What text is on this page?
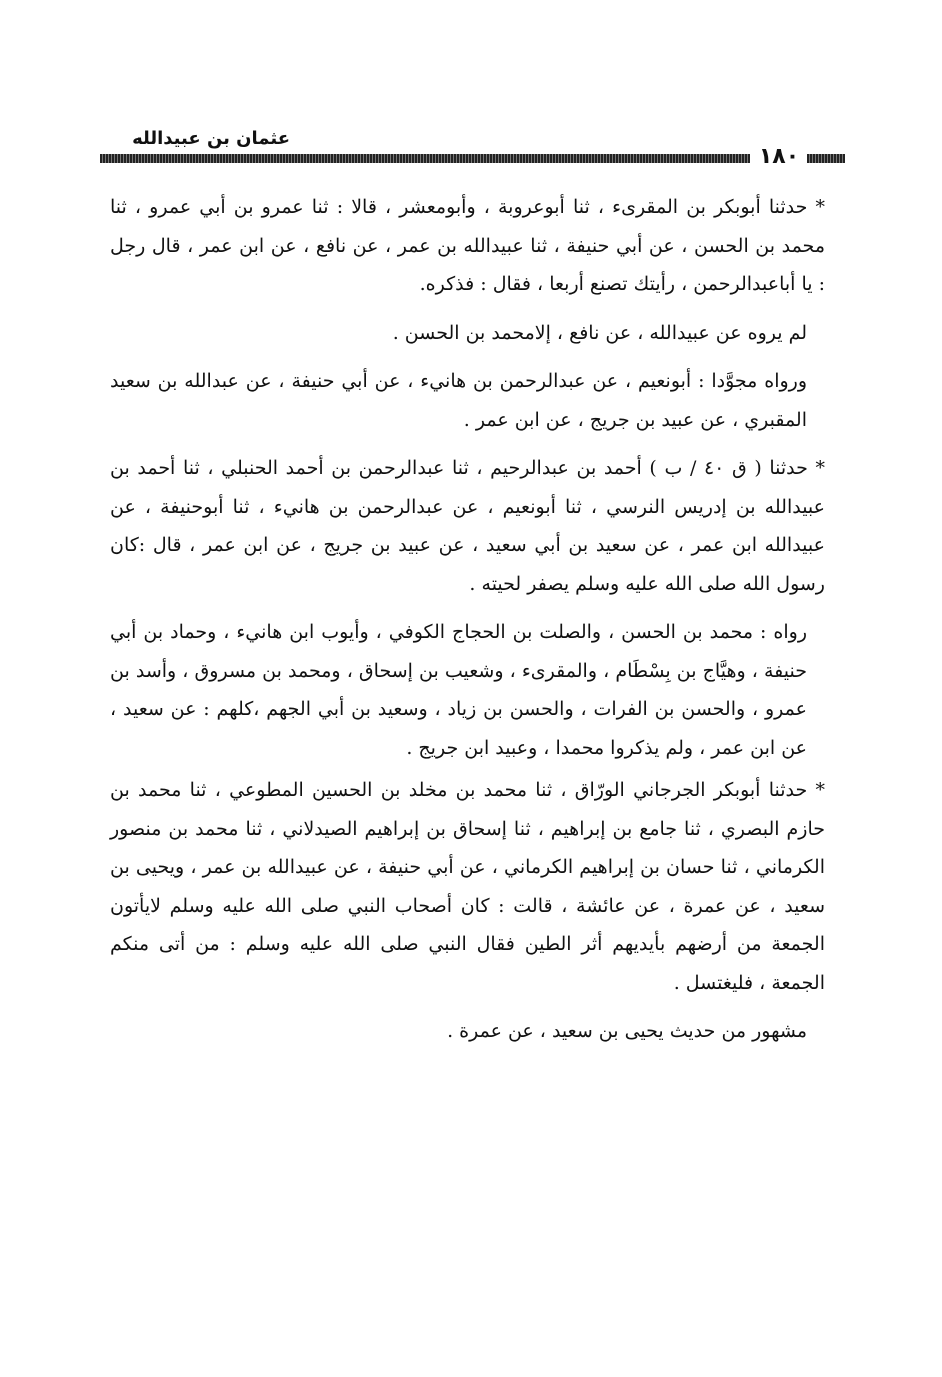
عثمان بن عبيدالله
١٨٠

* حدثنا أبوبكر بن المقرىء ، ثنا أبوعروبة ، وأبومعشر ، قالا : ثنا عمرو بن أبي عمرو ، ثنا محمد بن الحسن ، عن أبي حنيفة ، ثنا عبيدالله بن عمر ، عن نافع ، عن ابن عمر ، قال رجل : يا أباعبدالرحمن ، رأيتك تصنع أربعا ، فقال : فذكره.

لم يروه عن عبيدالله ، عن نافع ، إلامحمد بن الحسن .

ورواه مجوَّدا : أبونعيم ، عن عبدالرحمن بن هانيء ، عن أبي حنيفة ، عن عبدالله بن سعيد المقبري ، عن عبيد بن جريج ، عن ابن عمر .

* حدثنا ( ق ٤٠ / ب ) أحمد بن عبدالرحيم ، ثنا عبدالرحمن بن أحمد الحنبلي ، ثنا أحمد بن عبيدالله بن إدريس النرسي ، ثنا أبونعيم ، عن عبدالرحمن بن هانيء ، ثنا أبوحنيفة ، عن عبيدالله ابن عمر ، عن سعيد بن أبي سعيد ، عن عبيد بن جريج ، عن ابن عمر ، قال :كان رسول الله صلى الله عليه وسلم يصفر لحيته .

رواه : محمد بن الحسن ، والصلت بن الحجاج الكوفي ، وأيوب ابن هانيء ، وحماد بن أبي حنيفة ، وهيَّاج بن بِسْطَام ، والمقرىء ، وشعيب بن إسحاق ، ومحمد بن مسروق ، وأسد بن عمرو ، والحسن بن الفرات ، والحسن بن زياد ، وسعيد بن أبي الجهم ،كلهم : عن سعيد ، عن ابن عمر ، ولم يذكروا محمدا ، وعبيد ابن جريج .

* حدثنا أبوبكر الجرجاني الورّاق ، ثنا محمد بن مخلد بن الحسين المطوعي ، ثنا محمد بن حازم البصري ، ثنا جامع بن إبراهيم ، ثنا إسحاق بن إبراهيم الصيدلاني ، ثنا محمد بن منصور الكرماني ، ثنا حسان بن إبراهيم الكرماني ، عن أبي حنيفة ، عن عبيدالله بن عمر ، ويحيى بن سعيد ، عن عمرة ، عن عائشة ، قالت : كان أصحاب النبي صلى الله عليه وسلم لايأتون الجمعة من أرضهم بأيديهم أثر الطين فقال النبي صلى الله عليه وسلم : من أتى منكم الجمعة ، فليغتسل .

مشهور من حديث يحيى بن سعيد ، عن عمرة .
